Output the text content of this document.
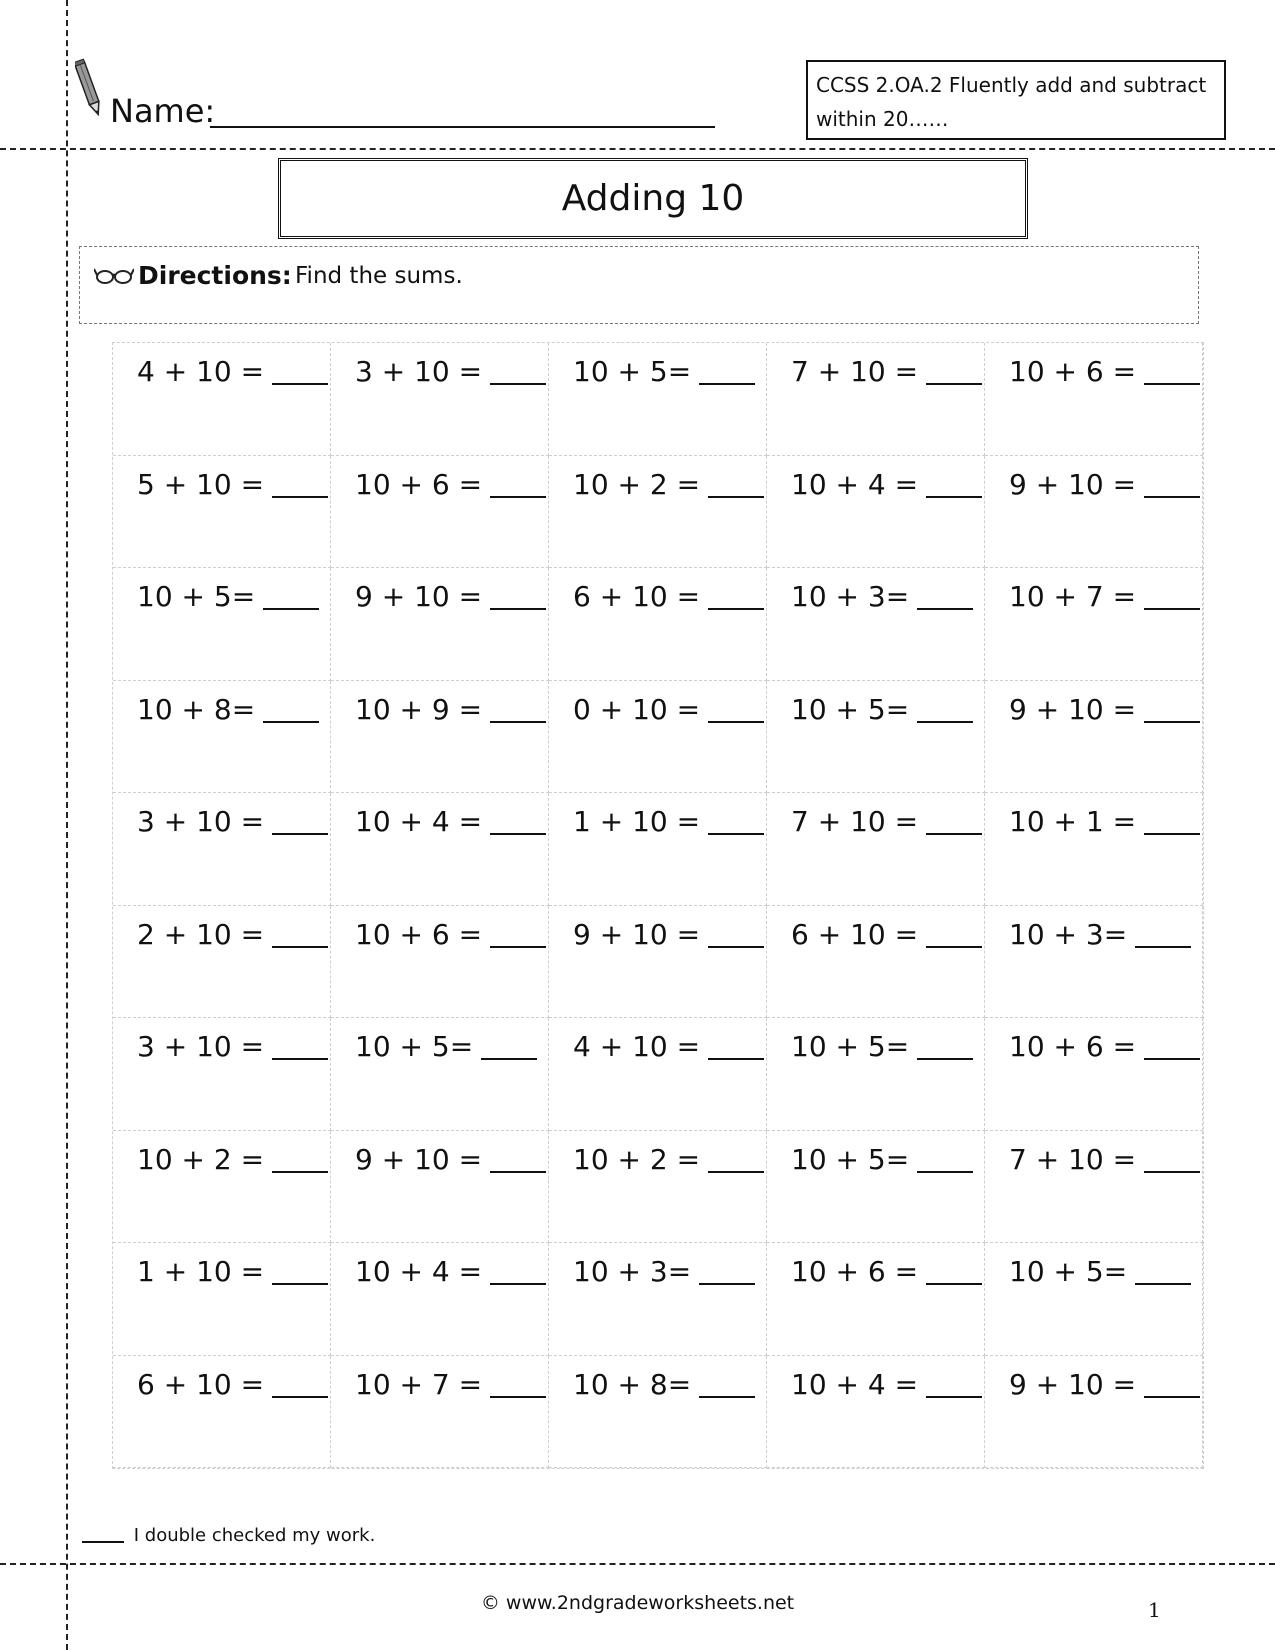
Name:
CCSS 2.OA.2 Fluently add and subtract
within 20……
Adding 10
Directions: Find the sums.
4 + 10 =	3 + 10 =	10 + 5=	7 + 10 =	10 + 6 =
5 + 10 =	10 + 6 =	10 + 2 =	10 + 4 =	9 + 10 =
10 + 5=	9 + 10 =	6 + 10 =	10 + 3=	10 + 7 =
10 + 8=	10 + 9 =	0 + 10 =	10 + 5=	9 + 10 =
3 + 10 =	10 + 4 =	1 + 10 =	7 + 10 =	10 + 1 =
2 + 10 =	10 + 6 =	9 + 10 =	6 + 10 =	10 + 3=
3 + 10 =	10 + 5=	4 + 10 =	10 + 5=	10 + 6 =
10 + 2 =	9 + 10 =	10 + 2 =	10 + 5=	7 + 10 =
1 + 10 =	10 + 4 =	10 + 3=	10 + 6 =	10 + 5=
6 + 10 =	10 + 7 =	10 + 8=	10 + 4 =	9 + 10 =
I double checked my work.
© www.2ndgradeworksheets.net	1
